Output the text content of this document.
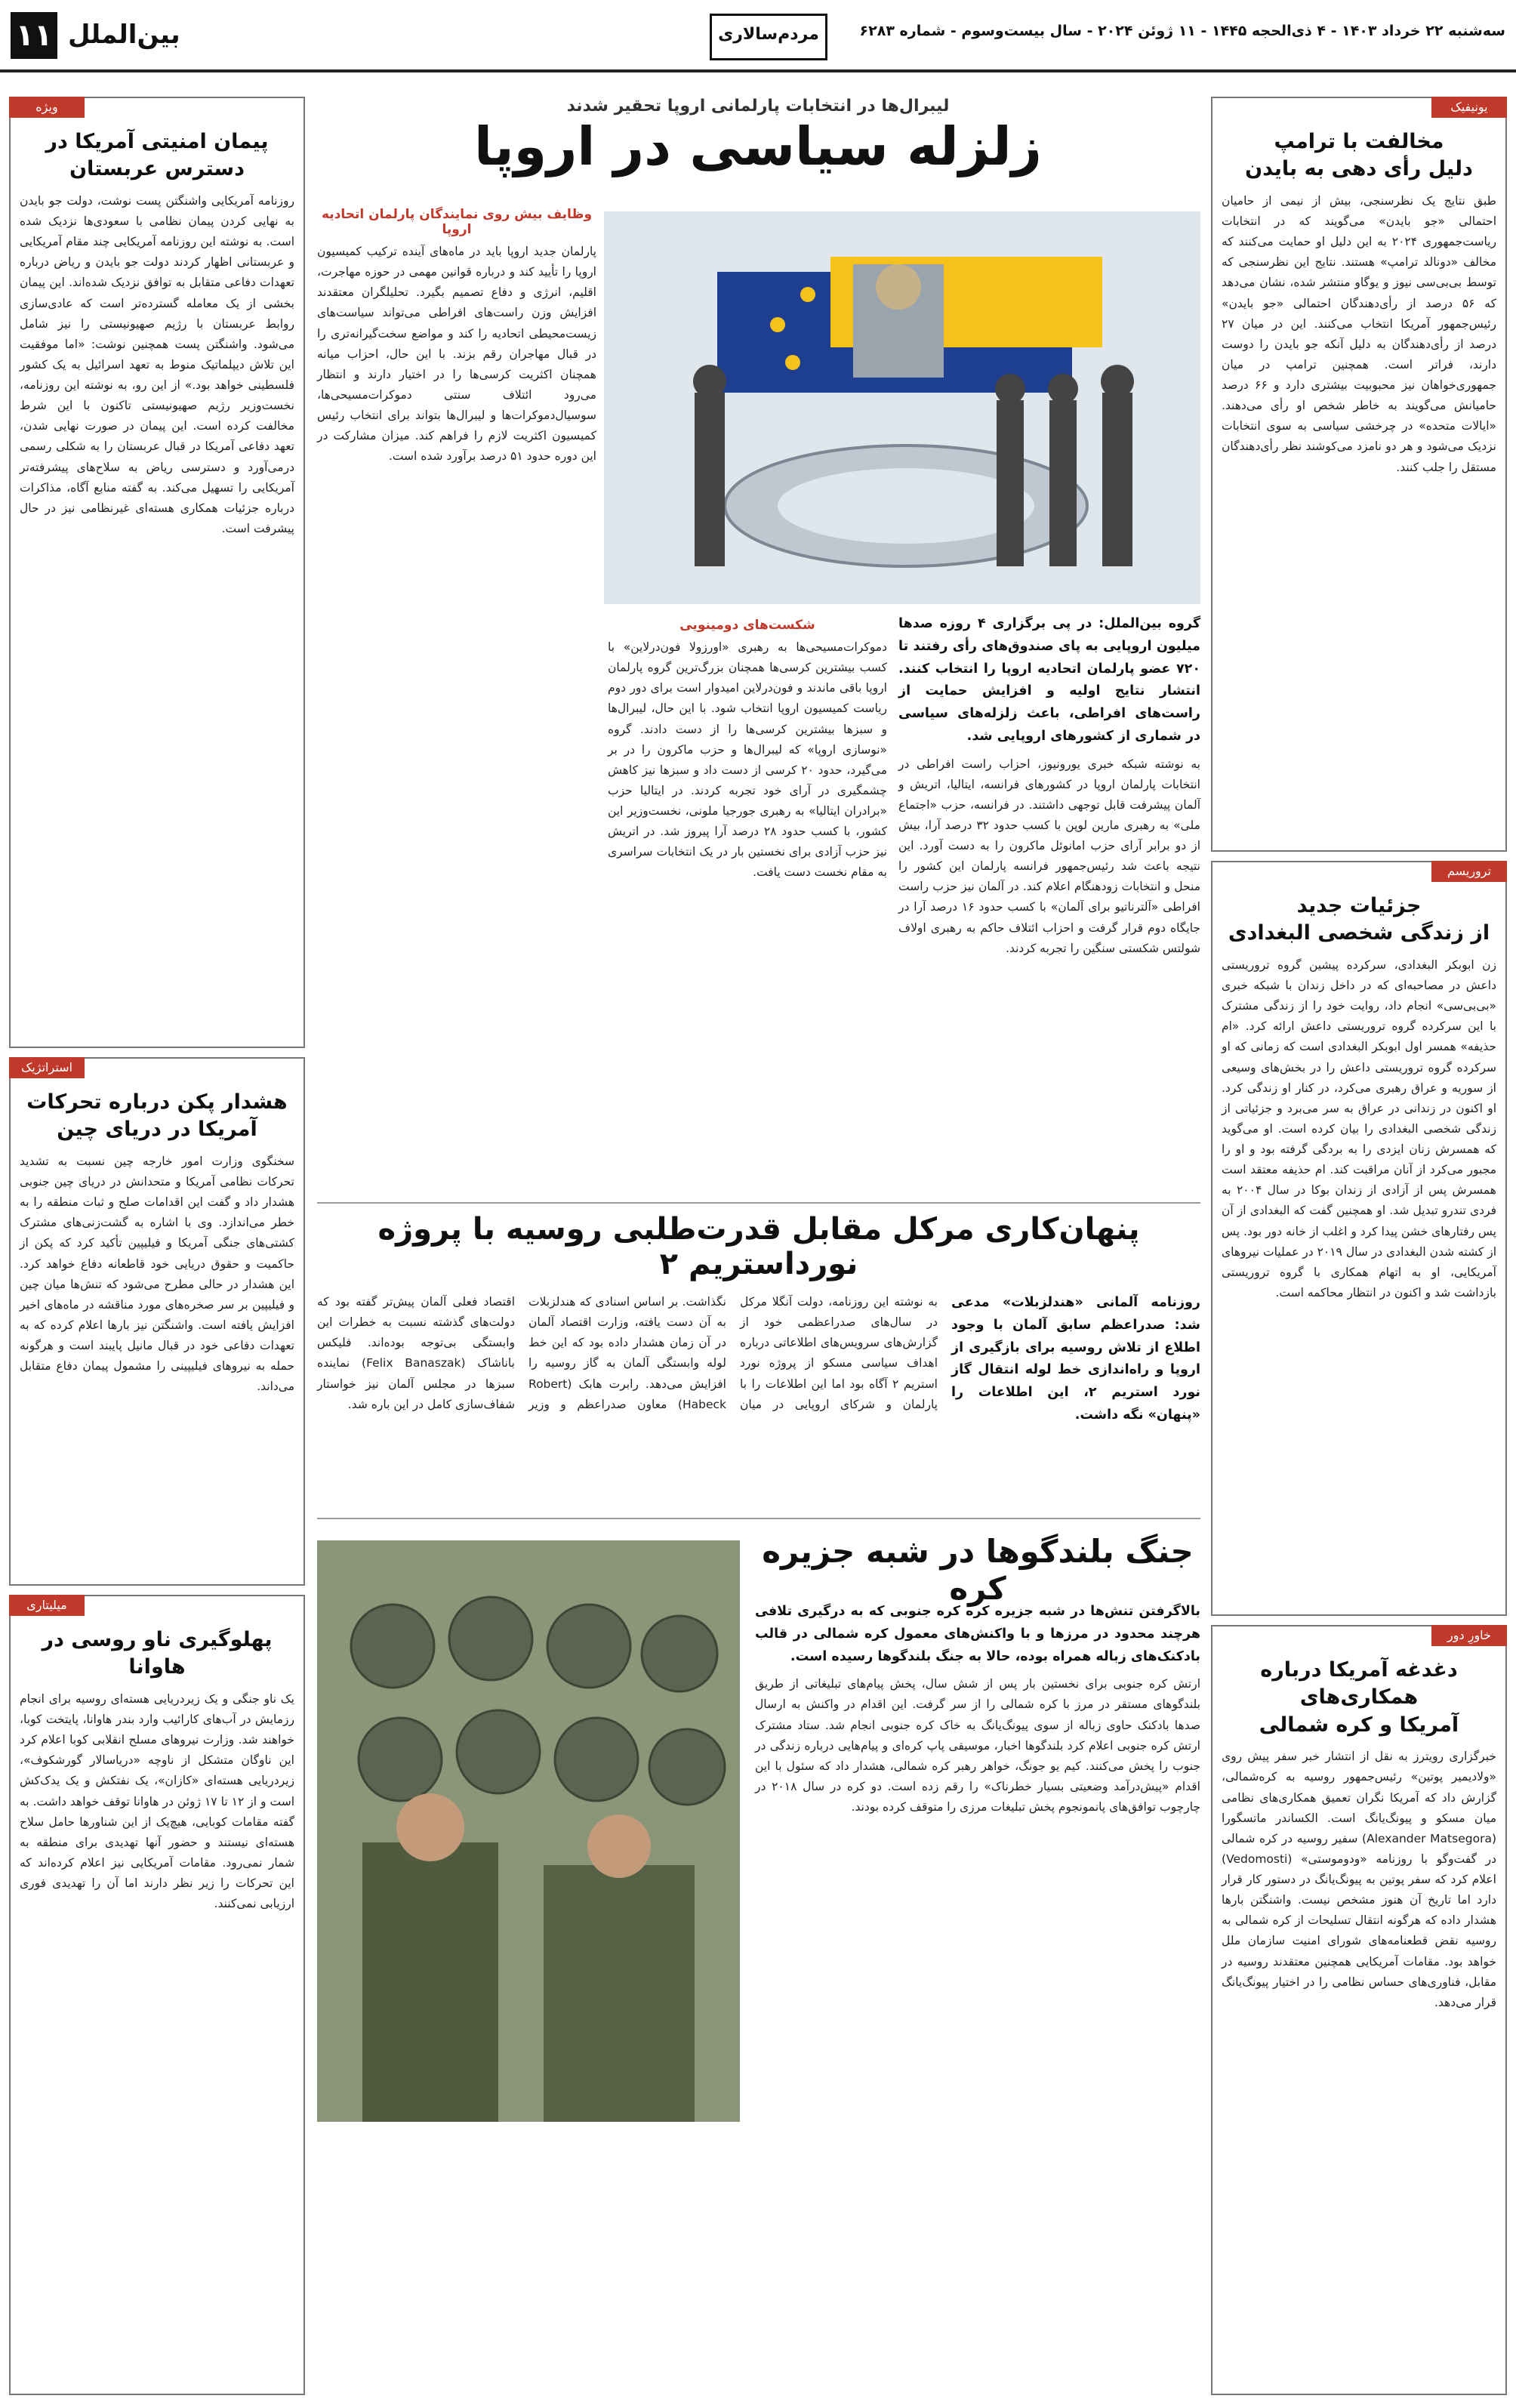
۱۱ بین‌الملل	مردم‌سالاری	سه‌شنبه ۲۲ خرداد ۱۴۰۳ - ۴ ذی‌الحجه ۱۴۴۵ - ۱۱ ژوئن ۲۰۲۴ - سال بیست‌وسوم - شماره ۶۲۸۳
یونیفیک
مخالفت با ترامپ
دلیل رأی دهی به بایدن
طبق نتایج یک نظرسنجی، بیش از نیمی از حامیان احتمالی «جو بایدن» می‌گویند که در انتخابات ریاست‌جمهوری ۲۰۲۴ به این دلیل او حمایت می‌کنند که مخالف «دونالد ترامپ» هستند. نتایج این نظرسنجی که توسط بی‌بی‌سی نیوز و یوگاو منتشر شده، نشان می‌دهد که ۵۶ درصد از رأی‌دهندگان احتمالی «جو بایدن» رئیس‌جمهور آمریکا انتخاب می‌کنند. این در میان ۲۷ درصد از رأی‌دهندگان به دلیل آنکه جو بایدن را دوست دارند، فراتر است. همچنین ترامپ در میان جمهوری‌خواهان نیز محبوبیت بیشتری دارد و ۶۶ درصد حامیانش می‌گویند به خاطر شخص او رأی می‌دهند. «ایالات متحده» در چرخشی سیاسی به سوی انتخابات نزدیک می‌شود و هر دو نامزد می‌کوشند نظر رأی‌دهندگان مستقل را جلب کنند.
تروریسم
جزئیات جدید
از زندگی شخصی البغدادی
زن ابوبکر البغدادی، سرکرده پیشین گروه تروریستی داعش در مصاحبه‌ای که در داخل زندان با شبکه خبری «بی‌بی‌سی» انجام داد، روایت خود را از زندگی مشترک با این سرکرده گروه تروریستی داعش ارائه کرد. «ام حذیفه» همسر اول ابوبکر البغدادی است که زمانی که او سرکرده گروه تروریستی داعش را در بخش‌های وسیعی از سوریه و عراق رهبری می‌کرد، در کنار او زندگی کرد. او اکنون در زندانی در عراق به سر می‌برد و جزئیاتی از زندگی شخصی البغدادی را بیان کرده است. او می‌گوید که همسرش زنان ایزدی را به بردگی گرفته بود و او را مجبور می‌کرد از آنان مراقبت کند. ام حذیفه معتقد است همسرش پس از آزادی از زندان بوکا در سال ۲۰۰۴ به فردی تندرو تبدیل شد. او همچنین گفت که البغدادی از آن پس رفتارهای خشن پیدا کرد و اغلب از خانه دور بود. پس از کشته شدن البغدادی در سال ۲۰۱۹ در عملیات نیروهای آمریکایی، او به اتهام همکاری با گروه تروریستی بازداشت شد و اکنون در انتظار محاکمه است.
خاورِ دور
دغدغه آمریکا درباره همکاری‌های
آمریکا و کره شمالی
خبرگزاری رویترز به نقل از انتشار خبر سفر پیش روی «ولادیمیر پوتین» رئیس‌جمهور روسیه به کره‌شمالی، گزارش داد که آمریکا نگران تعمیق همکاری‌های نظامی میان مسکو و پیونگ‌یانگ است. الکساندر ماتسگورا (Alexander Matsegora) سفیر روسیه در کره شمالی در گفت‌وگو با روزنامه «ودوموستی» (Vedomosti) اعلام کرد که سفر پوتین به پیونگ‌یانگ در دستور کار قرار دارد اما تاریخ آن هنوز مشخص نیست. واشنگتن بارها هشدار داده که هرگونه انتقال تسلیحات از کره شمالی به روسیه نقض قطعنامه‌های شورای امنیت سازمان ملل خواهد بود. مقامات آمریکایی همچنین معتقدند روسیه در مقابل، فناوری‌های حساس نظامی را در اختیار پیونگ‌یانگ قرار می‌دهد.
ویژه
پیمان امنیتی آمریکا در دسترس عربستان
روزنامه آمریکایی واشنگتن پست نوشت، دولت جو بایدن به نهایی کردن پیمان نظامی با سعودی‌ها نزدیک شده است. به نوشته این روزنامه آمریکایی چند مقام آمریکایی و عربستانی اظهار کردند دولت جو بایدن و ریاض درباره تعهدات دفاعی متقابل به توافق نزدیک شده‌اند. این پیمان بخشی از یک معامله گسترده‌تر است که عادی‌سازی روابط عربستان با رژیم صهیونیستی را نیز شامل می‌شود. واشنگتن پست همچنین نوشت: «اما موفقیت این تلاش دیپلماتیک منوط به تعهد اسرائیل به یک کشور فلسطینی خواهد بود.» از این رو، به نوشته این روزنامه، نخست‌وزیر رژیم صهیونیستی تاکنون با این شرط مخالفت کرده است. این پیمان در صورت نهایی شدن، تعهد دفاعی آمریکا در قبال عربستان را به شکلی رسمی درمی‌آورد و دسترسی ریاض به سلاح‌های پیشرفته‌تر آمریکایی را تسهیل می‌کند. به گفته منابع آگاه، مذاکرات درباره جزئیات همکاری هسته‌ای غیرنظامی نیز در حال پیشرفت است.
استراتژیک
هشدار پکن درباره تحرکات آمریکا در دریای چین
سخنگوی وزارت امور خارجه چین نسبت به تشدید تحرکات نظامی آمریکا و متحدانش در دریای چین جنوبی هشدار داد و گفت این اقدامات صلح و ثبات منطقه را به خطر می‌اندازد. وی با اشاره به گشت‌زنی‌های مشترک کشتی‌های جنگی آمریکا و فیلیپین تأکید کرد که پکن از حاکمیت و حقوق دریایی خود قاطعانه دفاع خواهد کرد. این هشدار در حالی مطرح می‌شود که تنش‌ها میان چین و فیلیپین بر سر صخره‌های مورد مناقشه در ماه‌های اخیر افزایش یافته است. واشنگتن نیز بارها اعلام کرده که به تعهدات دفاعی خود در قبال مانیل پایبند است و هرگونه حمله به نیروهای فیلیپینی را مشمول پیمان دفاع متقابل می‌داند.
میلیتاری
پهلوگیری ناو روسی در هاوانا
یک ناو جنگی و یک زیردریایی هسته‌ای روسیه برای انجام رزمایش در آب‌های کارائیب وارد بندر هاوانا، پایتخت کوبا، خواهند شد. وزارت نیروهای مسلح انقلابی کوبا اعلام کرد این ناوگان متشکل از ناوچه «دریاسالار گورشکوف»، زیردریایی هسته‌ای «کازان»، یک نفتکش و یک یدک‌کش است و از ۱۲ تا ۱۷ ژوئن در هاوانا توقف خواهد داشت. به گفته مقامات کوبایی، هیچ‌یک از این شناورها حامل سلاح هسته‌ای نیستند و حضور آنها تهدیدی برای منطقه به شمار نمی‌رود. مقامات آمریکایی نیز اعلام کرده‌اند که این تحرکات را زیر نظر دارند اما آن را تهدیدی فوری ارزیابی نمی‌کنند.
لیبرال‌ها در انتخابات پارلمانی اروپا تحقیر شدند
زلزله سیاسی در اروپا
گروه بین‌الملل: در پی برگزاری ۴ روزه صدها میلیون اروپایی به پای صندوق‌های رأی رفتند تا ۷۲۰ عضو پارلمان اتحادیه اروپا را انتخاب کنند. انتشار نتایج اولیه و افزایش حمایت از راست‌های افراطی، باعث زلزله‌های سیاسی در شماری از کشورهای اروپایی شد.
به نوشته شبکه خبری یورونیوز، احزاب راست افراطی در انتخابات پارلمان اروپا در کشورهای فرانسه، ایتالیا، اتریش و آلمان پیشرفت قابل توجهی داشتند. در فرانسه، حزب «اجتماع ملی» به رهبری مارین لوپن با کسب حدود ۳۲ درصد آرا، بیش از دو برابر آرای حزب امانوئل ماکرون را به دست آورد. این نتیجه باعث شد رئیس‌جمهور فرانسه پارلمان این کشور را منحل و انتخابات زودهنگام اعلام کند. در آلمان نیز حزب راست افراطی «آلترناتیو برای آلمان» با کسب حدود ۱۶ درصد آرا در جایگاه دوم قرار گرفت و احزاب ائتلاف حاکم به رهبری اولاف شولتس شکستی سنگین را تجربه کردند.
شکست‌های دومینویی
دموکرات‌مسیحی‌ها به رهبری «اورزولا فون‌درلاین» با کسب بیشترین کرسی‌ها همچنان بزرگ‌ترین گروه پارلمان اروپا باقی ماندند و فون‌درلاین امیدوار است برای دور دوم ریاست کمیسیون اروپا انتخاب شود. با این حال، لیبرال‌ها و سبزها بیشترین کرسی‌ها را از دست دادند. گروه «نوسازی اروپا» که لیبرال‌ها و حزب ماکرون را در بر می‌گیرد، حدود ۲۰ کرسی از دست داد و سبزها نیز کاهش چشمگیری در آرای خود تجربه کردند. در ایتالیا حزب «برادران ایتالیا» به رهبری جورجیا ملونی، نخست‌وزیر این کشور، با کسب حدود ۲۸ درصد آرا پیروز شد. در اتریش نیز حزب آزادی برای نخستین بار در یک انتخابات سراسری به مقام نخست دست یافت.
وظایف بیش روی نمایندگان پارلمان اتحادیه اروپا
پارلمان جدید اروپا باید در ماه‌های آینده ترکیب کمیسیون اروپا را تأیید کند و درباره قوانین مهمی در حوزه مهاجرت، اقلیم، انرژی و دفاع تصمیم بگیرد. تحلیلگران معتقدند افزایش وزن راست‌های افراطی می‌تواند سیاست‌های زیست‌محیطی اتحادیه را کند و مواضع سخت‌گیرانه‌تری را در قبال مهاجران رقم بزند. با این حال، احزاب میانه همچنان اکثریت کرسی‌ها را در اختیار دارند و انتظار می‌رود ائتلاف سنتی دموکرات‌مسیحی‌ها، سوسیال‌دموکرات‌ها و لیبرال‌ها بتواند برای انتخاب رئیس کمیسیون اکثریت لازم را فراهم کند. میزان مشارکت در این دوره حدود ۵۱ درصد برآورد شده است.
پنهان‌کاری مرکل مقابل قدرت‌طلبی روسیه با پروژه نورداستریم ۲
روزنامه آلمانی «هندلزبلات» مدعی شد: صدراعظم سابق آلمان با وجود اطلاع از تلاش روسیه برای بازگیری از اروپا و راه‌اندازی خط لوله انتقال گاز نورد استریم ۲، این اطلاعات را «پنهان» نگه داشت.
به نوشته این روزنامه، دولت آنگلا مرکل در سال‌های صدراعظمی خود از گزارش‌های سرویس‌های اطلاعاتی درباره اهداف سیاسی مسکو از پروژه نورد استریم ۲ آگاه بود اما این اطلاعات را با پارلمان و شرکای اروپایی در میان نگذاشت. بر اساس اسنادی که هندلزبلات به آن دست یافته، وزارت اقتصاد آلمان در آن زمان هشدار داده بود که این خط لوله وابستگی آلمان به گاز روسیه را افزایش می‌دهد. رابرت هابک (Robert Habeck) معاون صدراعظم و وزیر اقتصاد فعلی آلمان پیش‌تر گفته بود که دولت‌های گذشته نسبت به خطرات این وابستگی بی‌توجه بوده‌اند. فلیکس باناشاک (Felix Banaszak) نماینده سبزها در مجلس آلمان نیز خواستار شفاف‌سازی کامل در این باره شد.
جنگ بلندگوها در شبه جزیره کره
بالاگرفتن تنش‌ها در شبه جزیره کره کره جنوبی که به درگیری تلافی هرچند محدود در مرزها و با واکنش‌های معمول کره شمالی در قالب بادکنک‌های زباله همراه بوده، حالا به جنگ بلندگوها رسیده است.
ارتش کره جنوبی برای نخستین بار پس از شش سال، پخش پیام‌های تبلیغاتی از طریق بلندگوهای مستقر در مرز با کره شمالی را از سر گرفت. این اقدام در واکنش به ارسال صدها بادکنک حاوی زباله از سوی پیونگ‌یانگ به خاک کره جنوبی انجام شد. ستاد مشترک ارتش کره جنوبی اعلام کرد بلندگوها اخبار، موسیقی پاپ کره‌ای و پیام‌هایی درباره زندگی در جنوب را پخش می‌کنند. کیم یو جونگ، خواهر رهبر کره شمالی، هشدار داد که سئول با این اقدام «پیش‌درآمد وضعیتی بسیار خطرناک» را رقم زده است. دو کره در سال ۲۰۱۸ در چارچوب توافق‌های پانمونجوم پخش تبلیغات مرزی را متوقف کرده بودند.
